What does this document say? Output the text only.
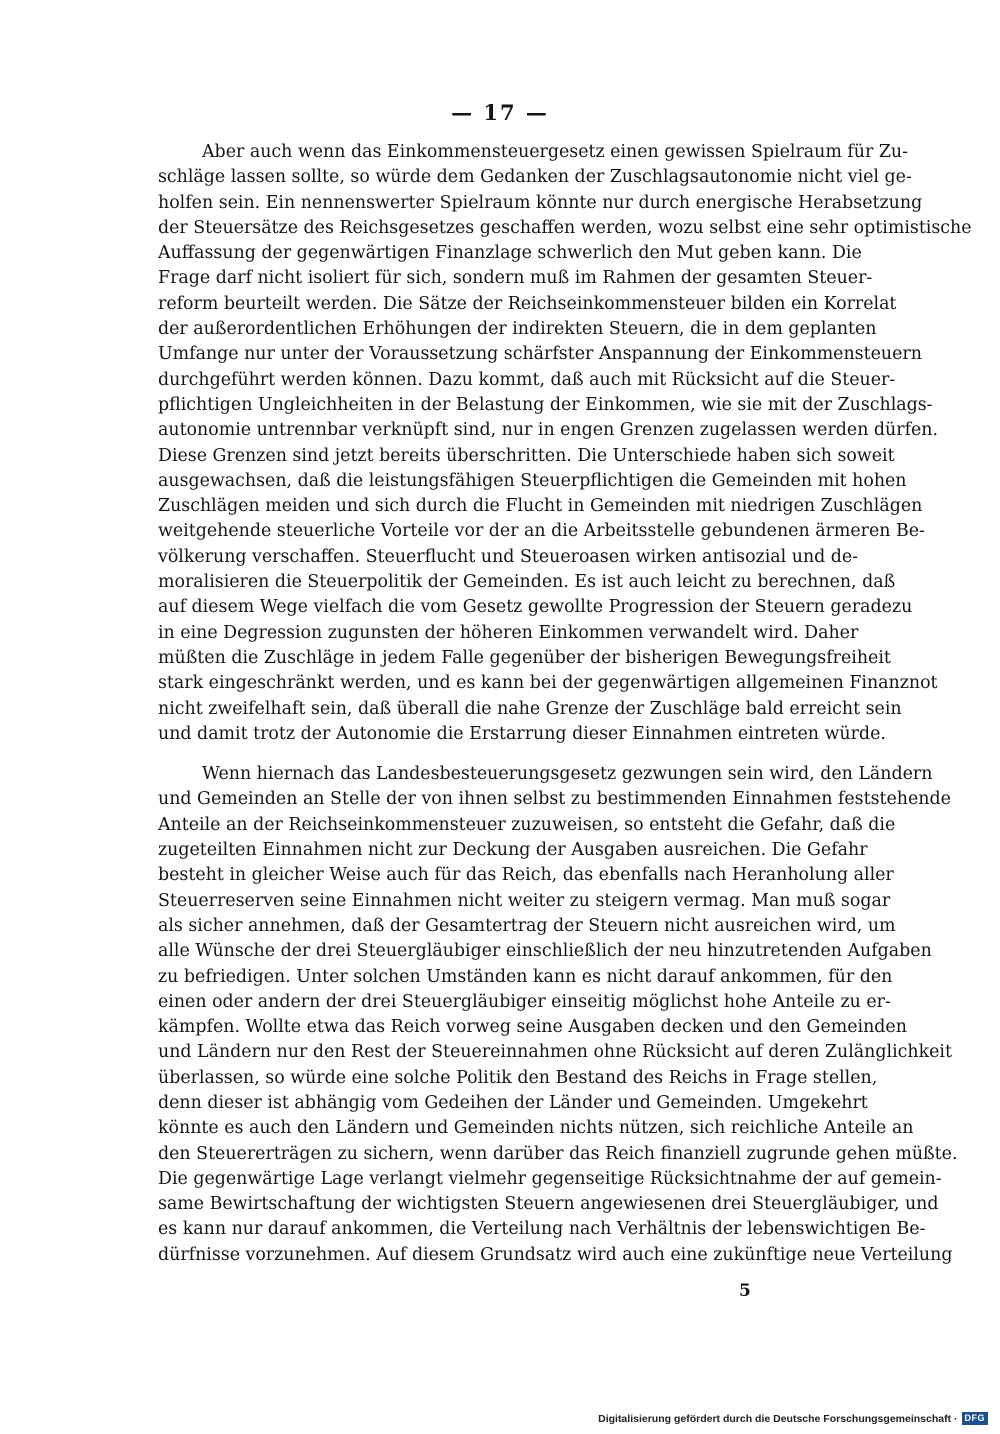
— 17 —
Aber auch wenn das Einkommensteuergesetz einen gewissen Spielraum für Zu-
schläge lassen sollte, so würde dem Gedanken der Zuschlagsautonomie nicht viel ge-
holfen sein. Ein nennenswerter Spielraum könnte nur durch energische Herabsetzung
der Steuersätze des Reichsgesetzes geschaffen werden, wozu selbst eine sehr optimistische
Auffassung der gegenwärtigen Finanzlage schwerlich den Mut geben kann. Die
Frage darf nicht isoliert für sich, sondern muß im Rahmen der gesamten Steuer-
reform beurteilt werden. Die Sätze der Reichseinkommensteuer bilden ein Korrelat
der außerordentlichen Erhöhungen der indirekten Steuern, die in dem geplanten
Umfange nur unter der Voraussetzung schärfster Anspannung der Einkommensteuern
durchgeführt werden können. Dazu kommt, daß auch mit Rücksicht auf die Steuer-
pflichtigen Ungleichheiten in der Belastung der Einkommen, wie sie mit der Zuschlags-
autonomie untrennbar verknüpft sind, nur in engen Grenzen zugelassen werden dürfen.
Diese Grenzen sind jetzt bereits überschritten. Die Unterschiede haben sich soweit
ausgewachsen, daß die leistungsfähigen Steuerpflichtigen die Gemeinden mit hohen
Zuschlägen meiden und sich durch die Flucht in Gemeinden mit niedrigen Zuschlägen
weitgehende steuerliche Vorteile vor der an die Arbeitsstelle gebundenen ärmeren Be-
völkerung verschaffen. Steuerflucht und Steueroasen wirken antisozial und de-
moralisieren die Steuerpolitik der Gemeinden. Es ist auch leicht zu berechnen, daß
auf diesem Wege vielfach die vom Gesetz gewollte Progression der Steuern geradezu
in eine Degression zugunsten der höheren Einkommen verwandelt wird. Daher
müßten die Zuschläge in jedem Falle gegenüber der bisherigen Bewegungsfreiheit
stark eingeschränkt werden, und es kann bei der gegenwärtigen allgemeinen Finanznot
nicht zweifelhaft sein, daß überall die nahe Grenze der Zuschläge bald erreicht sein
und damit trotz der Autonomie die Erstarrung dieser Einnahmen eintreten würde.
Wenn hiernach das Landesbesteuerungsgesetz gezwungen sein wird, den Ländern
und Gemeinden an Stelle der von ihnen selbst zu bestimmenden Einnahmen feststehende
Anteile an der Reichseinkommensteuer zuzuweisen, so entsteht die Gefahr, daß die
zugeteilten Einnahmen nicht zur Deckung der Ausgaben ausreichen. Die Gefahr
besteht in gleicher Weise auch für das Reich, das ebenfalls nach Heranholung aller
Steuerreserven seine Einnahmen nicht weiter zu steigern vermag. Man muß sogar
als sicher annehmen, daß der Gesamtertrag der Steuern nicht ausreichen wird, um
alle Wünsche der drei Steuergläubiger einschließlich der neu hinzutretenden Aufgaben
zu befriedigen. Unter solchen Umständen kann es nicht darauf ankommen, für den
einen oder andern der drei Steuergläubiger einseitig möglichst hohe Anteile zu er-
kämpfen. Wollte etwa das Reich vorweg seine Ausgaben decken und den Gemeinden
und Ländern nur den Rest der Steuereinnahmen ohne Rücksicht auf deren Zulänglichkeit
überlassen, so würde eine solche Politik den Bestand des Reichs in Frage stellen,
denn dieser ist abhängig vom Gedeihen der Länder und Gemeinden. Umgekehrt
könnte es auch den Ländern und Gemeinden nichts nützen, sich reichliche Anteile an
den Steuererträgen zu sichern, wenn darüber das Reich finanziell zugrunde gehen müßte.
Die gegenwärtige Lage verlangt vielmehr gegenseitige Rücksichtnahme der auf gemein-
same Bewirtschaftung der wichtigsten Steuern angewiesenen drei Steuergläubiger, und
es kann nur darauf ankommen, die Verteilung nach Verhältnis der lebenswichtigen Be-
dürfnisse vorzunehmen. Auf diesem Grundsatz wird auch eine zukünftige neue Verteilung
5
Digitalisierung gefördert durch die Deutsche Forschungsgemeinschaft · DFG
